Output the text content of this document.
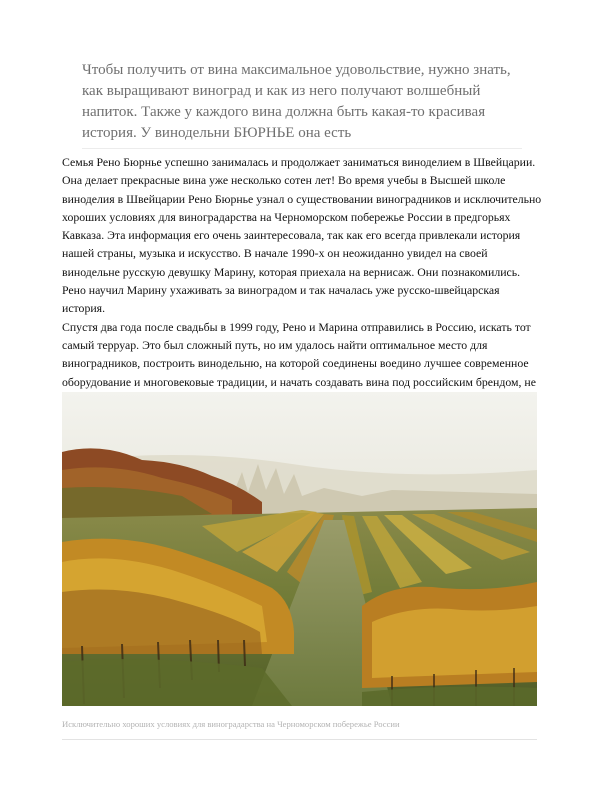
Чтобы получить от вина максимальное удовольствие, нужно знать, как выращивают виноград и как из него получают волшебный напиток. Также у каждого вина должна быть какая-то красивая история. У винодельни БЮРНЬЕ она есть

Семья Рено Бюрнье успешно занималась и продолжает заниматься виноделием в Швейцарии. Она делает прекрасные вина уже несколько сотен лет! Во время учебы в Высшей школе виноделия в Швейцарии Рено Бюрнье узнал о существовании виноградников и исключительно хороших условиях для виноградарства на Черноморском побережье России в предгорьях Кавказа. Эта информация его очень заинтересовала, так как его всегда привлекали история нашей страны, музыка и искусство. В начале 1990-х он неожиданно увидел на своей винодельне русскую девушку Марину, которая приехала на вернисаж. Они познакомились. Рено научил Марину ухаживать за виноградом и так началась уже русско-швейцарская история.

Спустя два года после свадьбы в 1999 году, Рено и Марина отправились в Россию, искать тот самый терруар. Это был сложный путь, но им удалось найти оптимальное место для виноградников, построить винодельню, на которой соединены воедино лучшее современное оборудование и многовековые традиции, и начать создавать вина под российским брендом, не

Исключительно хороших условиях для виноградарства на Черноморском побережье России
